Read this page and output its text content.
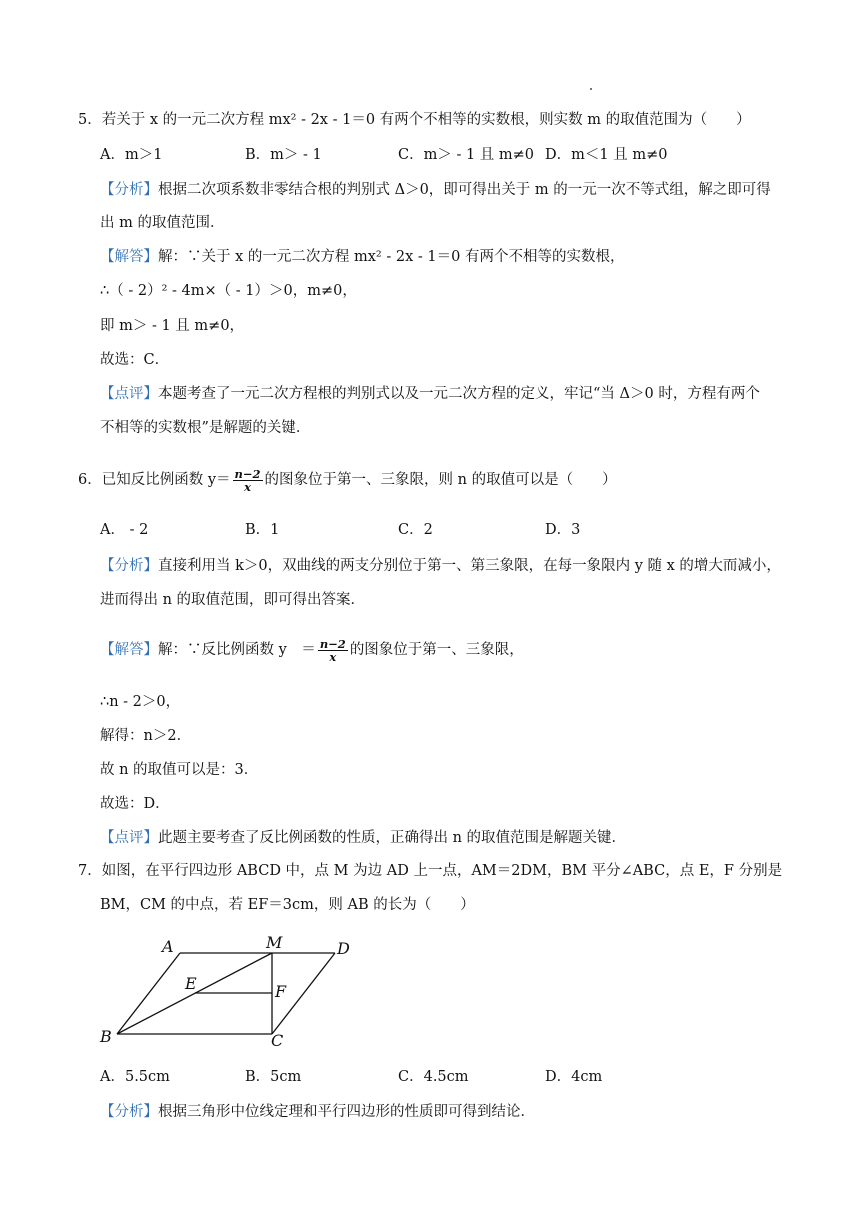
5．若关于 x 的一元二次方程 mx² - 2x - 1＝0 有两个不相等的实数根，则实数 m 的取值范围为（　　）
A．m＞1	B．m＞ - 1	C．m＞ - 1 且 m≠0 D．m＜1 且 m≠0
【分析】根据二次项系数非零结合根的判别式 Δ＞0，即可得出关于 m 的一元一次不等式组，解之即可得
出 m 的取值范围．
【解答】解：∵关于 x 的一元二次方程 mx² - 2x - 1＝0 有两个不相等的实数根，
∴（ - 2）² - 4m×（ - 1）＞0，m≠0，
即 m＞ - 1 且 m≠0，
故选：C．
【点评】本题考查了一元二次方程根的判别式以及一元二次方程的定义，牢记“当 Δ＞0 时，方程有两个
不相等的实数根”是解题的关键．
6．已知反比例函数 $y= \frac{n-2}{x}$ 的图象位于第一、三象限，则 n 的取值可以是（　　）
A． - 2	B．1	C．2	D．3
【分析】直接利用当 k＞0，双曲线的两支分别位于第一、第三象限，在每一象限内 y 随 x 的增大而减小，
进而得出 n 的取值范围，即可得出答案．
【解答】解：∵反比例函数 y　＝ $\frac{n-2}{x}$ 的图象位于第一、三象限，
∴n - 2＞0，
解得：n＞2．
故 n 的取值可以是：3．
故选：D．
【点评】此题主要考查了反比例函数的性质，正确得出 n 的取值范围是解题关键．
7．如图，在平行四边形 ABCD 中，点 M 为边 AD 上一点，AM＝2DM，BM 平分∠ABC，点 E，F 分别是
BM，CM 的中点，若 EF＝3cm，则 AB 的长为（　　）
A	M	D
E	F
B	C
A．5.5cm	B．5cm	C．4.5cm	D．4cm
【分析】根据三角形中位线定理和平行四边形的性质即可得到结论．
